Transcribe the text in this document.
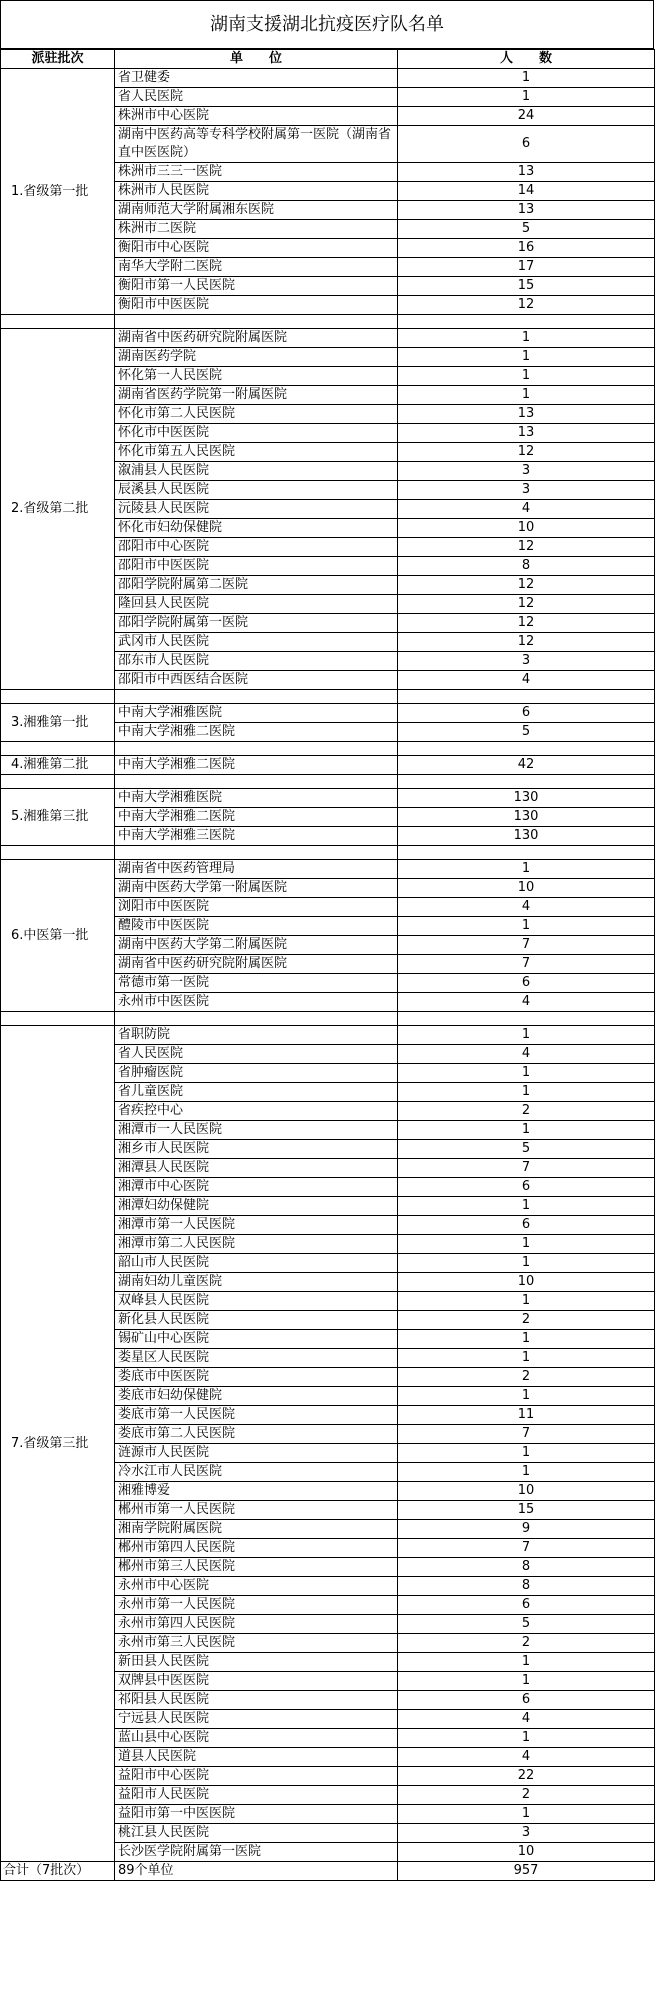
湖南支援湖北抗疫医疗队名单
派驻批次	单　　位	人　　数
1.省级第一批	省卫健委	1
	省人民医院	1
	株洲市中心医院	24
	湖南中医药高等专科学校附属第一医院（湖南省直中医医院）	6
	株洲市三三一医院	13
	株洲市人民医院	14
	湖南师范大学附属湘东医院	13
	株洲市二医院	5
	衡阳市中心医院	16
	南华大学附二医院	17
	衡阳市第一人民医院	15
	衡阳市中医医院	12

2.省级第二批	湖南省中医药研究院附属医院	1
	湖南医药学院	1
	怀化第一人民医院	1
	湖南省医药学院第一附属医院	1
	怀化市第二人民医院	13
	怀化市中医医院	13
	怀化市第五人民医院	12
	溆浦县人民医院	3
	辰溪县人民医院	3
	沅陵县人民医院	4
	怀化市妇幼保健院	10
	邵阳市中心医院	12
	邵阳市中医医院	8
	邵阳学院附属第二医院	12
	隆回县人民医院	12
	邵阳学院附属第一医院	12
	武冈市人民医院	12
	邵东市人民医院	3
	邵阳市中西医结合医院	4

3.湘雅第一批	中南大学湘雅医院	6
	中南大学湘雅二医院	5

4.湘雅第二批	中南大学湘雅二医院	42

5.湘雅第三批	中南大学湘雅医院	130
	中南大学湘雅二医院	130
	中南大学湘雅三医院	130

6.中医第一批	湖南省中医药管理局	1
	湖南中医药大学第一附属医院	10
	浏阳市中医医院	4
	醴陵市中医医院	1
	湖南中医药大学第二附属医院	7
	湖南省中医药研究院附属医院	7
	常德市第一医院	6
	永州市中医医院	4

7.省级第三批	省职防院	1
	省人民医院	4
	省肿瘤医院	1
	省儿童医院	1
	省疾控中心	2
	湘潭市一人民医院	1
	湘乡市人民医院	5
	湘潭县人民医院	7
	湘潭市中心医院	6
	湘潭妇幼保健院	1
	湘潭市第一人民医院	6
	湘潭市第二人民医院	1
	韶山市人民医院	1
	湖南妇幼儿童医院	10
	双峰县人民医院	1
	新化县人民医院	2
	锡矿山中心医院	1
	娄星区人民医院	1
	娄底市中医医院	2
	娄底市妇幼保健院	1
	娄底市第一人民医院	11
	娄底市第二人民医院	7
	涟源市人民医院	1
	冷水江市人民医院	1
	湘雅博爱	10
	郴州市第一人民医院	15
	湘南学院附属医院	9
	郴州市第四人民医院	7
	郴州市第三人民医院	8
	永州市中心医院	8
	永州市第一人民医院	6
	永州市第四人民医院	5
	永州市第三人民医院	2
	新田县人民医院	1
	双牌县中医医院	1
	祁阳县人民医院	6
	宁远县人民医院	4
	蓝山县中心医院	1
	道县人民医院	4
	益阳市中心医院	22
	益阳市人民医院	2
	益阳市第一中医医院	1
	桃江县人民医院	3
	长沙医学院附属第一医院	10
合计（7批次）	89个单位	957
